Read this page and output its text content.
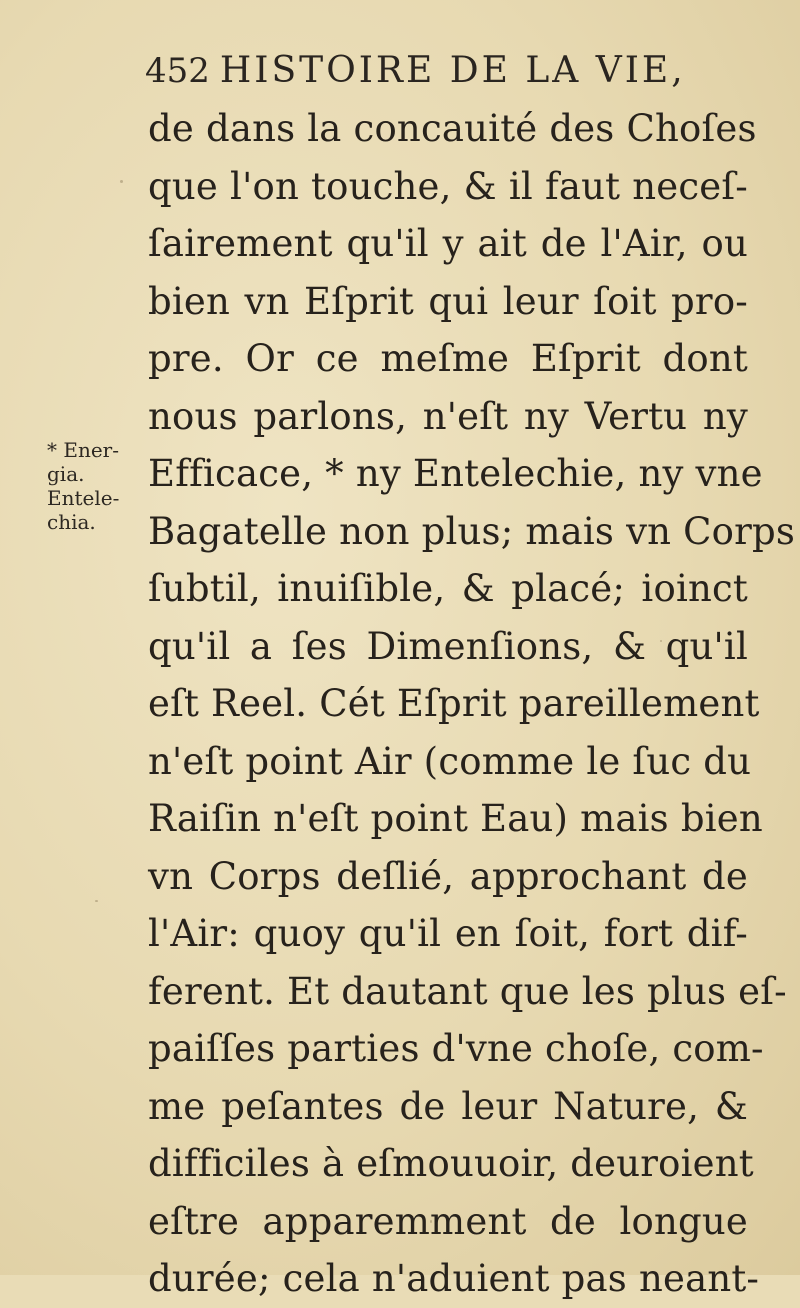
452 HISTOIRE DE LA VIE,
* Ener-
gia.
Entele-
chia.
de dans la concauité des Choſes
que l'on touche, & il faut neceſ-
ſairement qu'il y ait de l'Air, ou
bien vn Eſprit qui leur ſoit pro-
pre. Or ce meſme Eſprit dont
nous parlons, n'eſt ny Vertu ny
Efficace, * ny Entelechie, ny vne
Bagatelle non plus; mais vn Corps
ſubtil, inuiſible, & placé; ioinct
qu'il a ſes Dimenſions, & qu'il
eſt Reel. Cét Eſprit pareillement
n'eſt point Air (comme le ſuc du
Raiſin n'eſt point Eau) mais bien
vn Corps deſlié, approchant de
l'Air: quoy qu'il en ſoit, fort dif-
ferent. Et dautant que les plus eſ-
paiſſes parties d'vne choſe, com-
me peſantes de leur Nature, &
difficiles à eſmouuoir, deuroient
eſtre apparemment de longue
durée; cela n'aduient pas neant-
